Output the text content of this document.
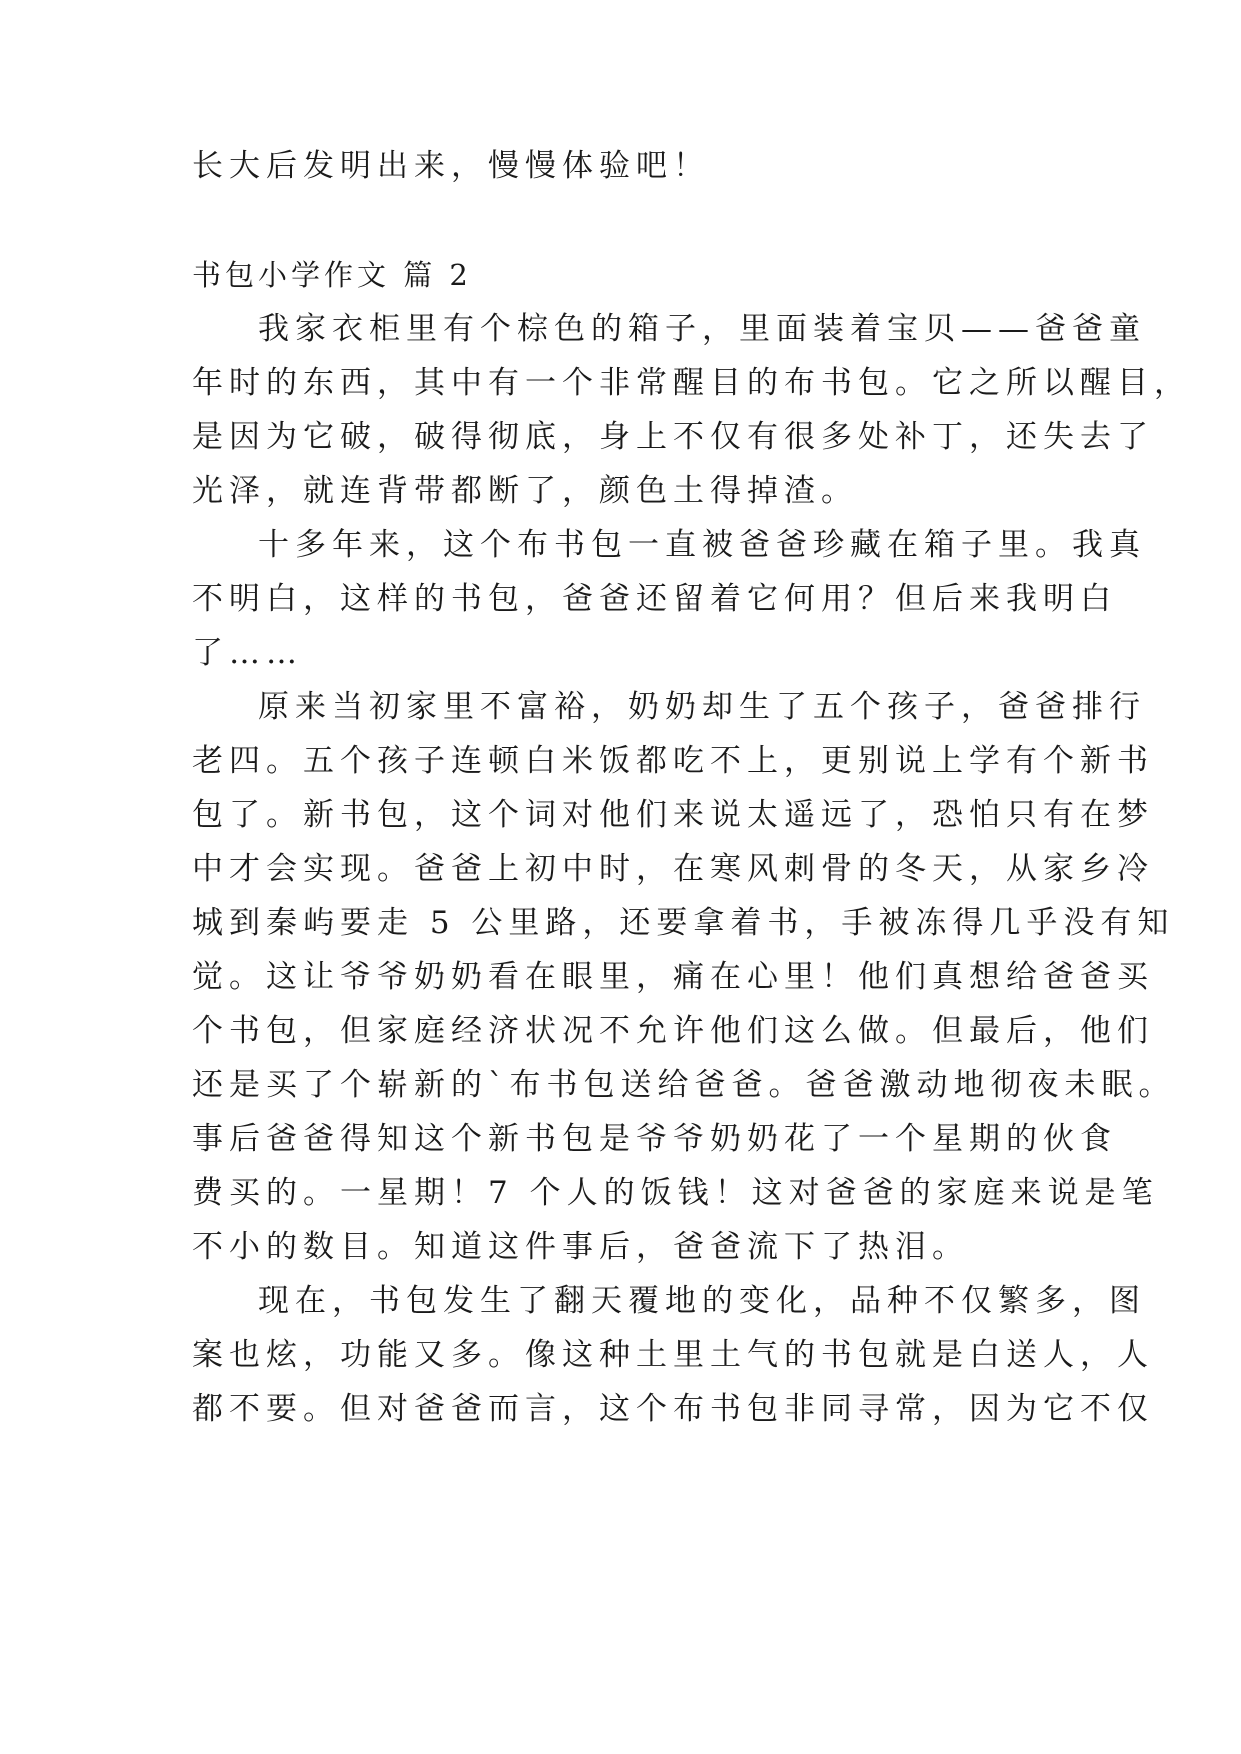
长大后发明出来，慢慢体验吧！
书包小学作文 篇 2
我家衣柜里有个棕色的箱子，里面装着宝贝——爸爸童
年时的东西，其中有一个非常醒目的布书包。它之所以醒目，
是因为它破，破得彻底，身上不仅有很多处补丁，还失去了
光泽，就连背带都断了，颜色土得掉渣。
十多年来，这个布书包一直被爸爸珍藏在箱子里。我真
不明白，这样的书包，爸爸还留着它何用？但后来我明白
了……
原来当初家里不富裕，奶奶却生了五个孩子，爸爸排行
老四。五个孩子连顿白米饭都吃不上，更别说上学有个新书
包了。新书包，这个词对他们来说太遥远了，恐怕只有在梦
中才会实现。爸爸上初中时，在寒风刺骨的冬天，从家乡冷
城到秦屿要走 5 公里路，还要拿着书，手被冻得几乎没有知
觉。这让爷爷奶奶看在眼里，痛在心里！他们真想给爸爸买
个书包，但家庭经济状况不允许他们这么做。但最后，他们
还是买了个崭新的`布书包送给爸爸。爸爸激动地彻夜未眠。
事后爸爸得知这个新书包是爷爷奶奶花了一个星期的伙食
费买的。一星期！7 个人的饭钱！这对爸爸的家庭来说是笔
不小的数目。知道这件事后，爸爸流下了热泪。
现在，书包发生了翻天覆地的变化，品种不仅繁多，图
案也炫，功能又多。像这种土里土气的书包就是白送人，人
都不要。但对爸爸而言，这个布书包非同寻常，因为它不仅
